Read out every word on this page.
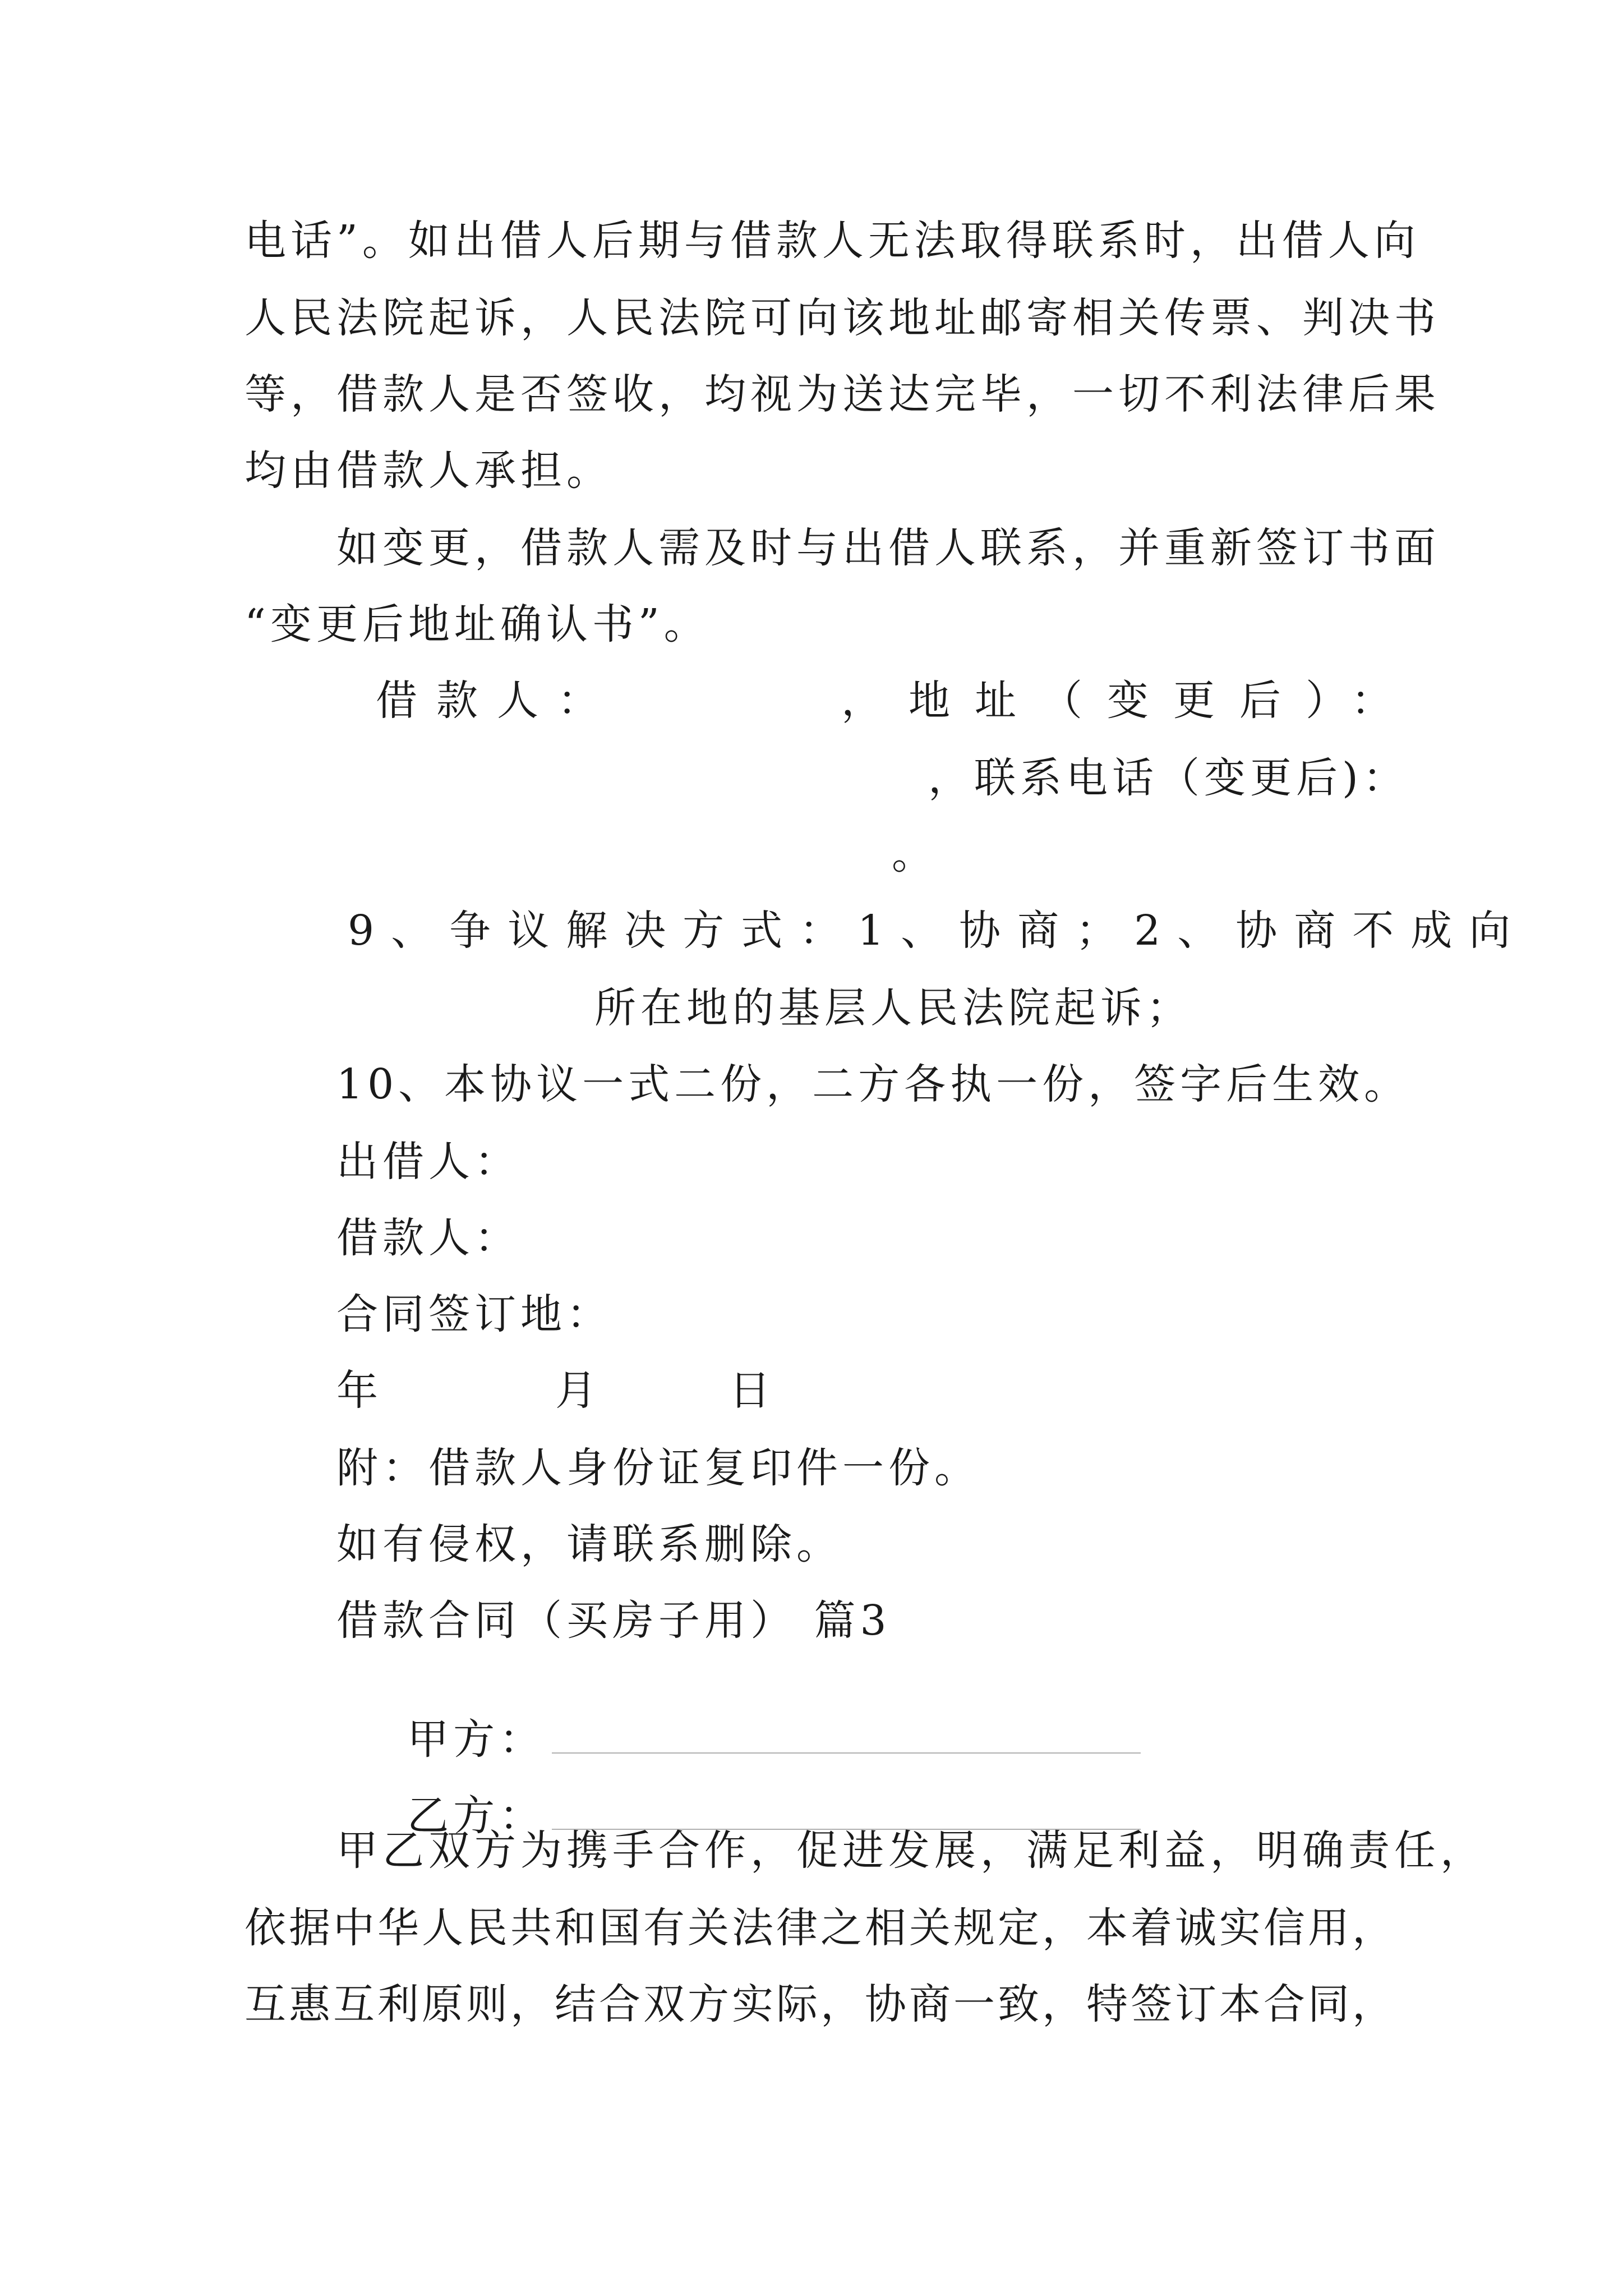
电话”。如出借人后期与借款人无法取得联系时，出借人向
人民法院起诉，人民法院可向该地址邮寄相关传票、判决书
等，借款人是否签收，均视为送达完毕，一切不利法律后果
均由借款人承担。
如变更，借款人需及时与出借人联系，并重新签订书面
“变更后地址确认书”。
借款人：	， 地址（变更后）：
，联系电话（变更后)：
。
9、争议解决方式：1、协商；2、协商不成向
所在地的基层人民法院起诉；
10、本协议一式二份，二方各执一份，签字后生效。
出借人：
借款人：
合同签订地：
年	月	日
附：借款人身份证复印件一份。
如有侵权，请联系删除。
借款合同（买房子用） 篇3

甲方：

乙方：

甲乙双方为携手合作，促进发展，满足利益，明确责任，
依据中华人民共和国有关法律之相关规定，本着诚实信用，
互惠互利原则，结合双方实际，协商一致，特签订本合同，
